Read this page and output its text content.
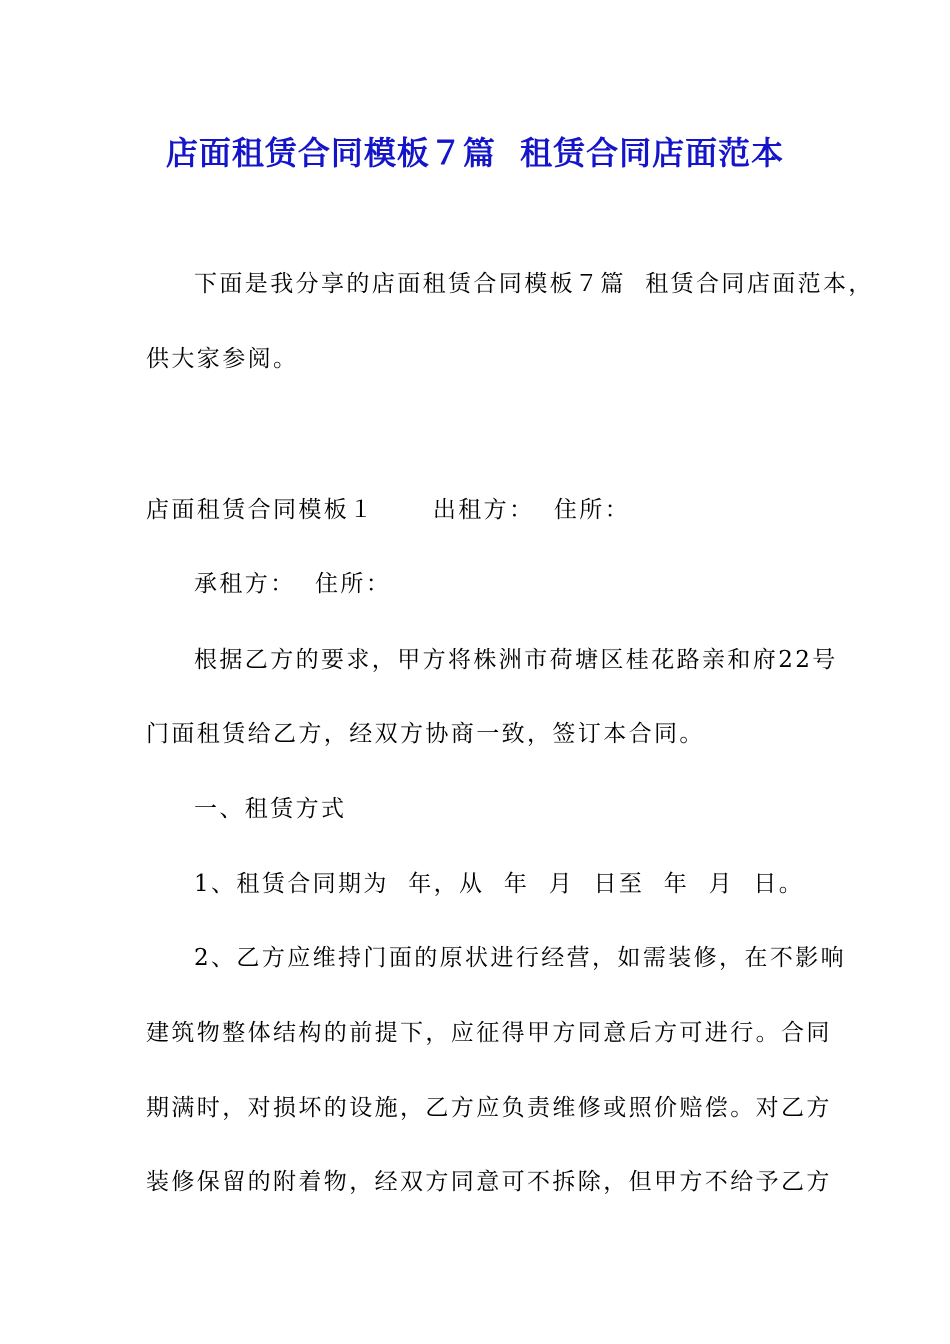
店面租赁合同模板７篇  租赁合同店面范本
下面是我分享的店面租赁合同模板７篇  租赁合同店面范本，
供大家参阅。
店面租赁合同模板１      出租方：  住所：
承租方：  住所：
根据乙方的要求，甲方将株洲市荷塘区桂花路亲和府22号
门面租赁给乙方，经双方协商一致，签订本合同。
一、租赁方式
1、租赁合同期为  年，从  年  月  日至  年  月  日。
2、乙方应维持门面的原状进行经营，如需装修，在不影响
建筑物整体结构的前提下，应征得甲方同意后方可进行。合同
期满时，对损坏的设施，乙方应负责维修或照价赔偿。对乙方
装修保留的附着物，经双方同意可不拆除，但甲方不给予乙方
